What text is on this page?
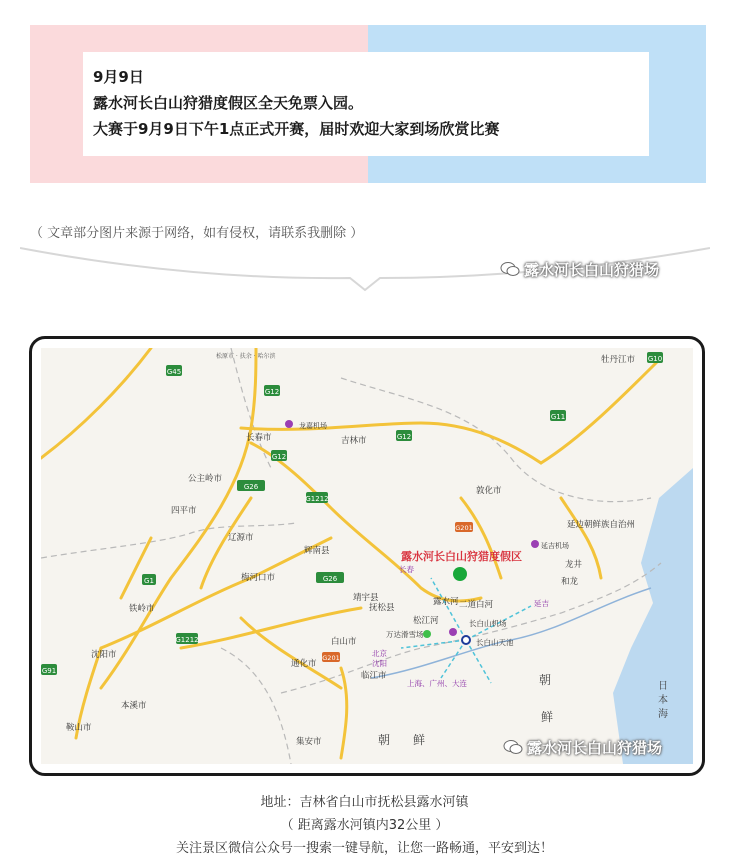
9月9日
露水河长白山狩猎度假区全天免票入园。
大赛于9月9日下午1点正式开赛，届时欢迎大家到场欣赏比赛
（ 文章部分图片来源于网络，如有侵权，请联系我删除 ）
露水河长白山狩猎场
G45
G12
G12
G12
G11
G10
G26
G1212
G1
G1212
G91
G201
G201
G26
松原市 · 扶余 · 哈尔滨
长春市	吉林市
公主岭市
四平市
辽源市
辉南县
梅河口市
铁岭市
沈阳市
本溪市
鞍山市
通化市
白山市
临江市
集安市
靖宇县
抚松县
松江河
露水河 二道白河
敦化市
和龙
延边朝鲜族自治州
龙井
牡丹江市
龙嘉机场
延吉机场
长白山机场
长白山天池
万达滑雪场
长春
北京
沈阳
延吉
上海、广州、大连	朝
鲜
朝 鲜
日
本
海
露水河长白山狩猎度假区
露水河长白山狩猎场
地址：吉林省白山市抚松县露水河镇
（ 距离露水河镇内32公里 ）
关注景区微信公众号一搜索一键导航，让您一路畅通，平安到达！
